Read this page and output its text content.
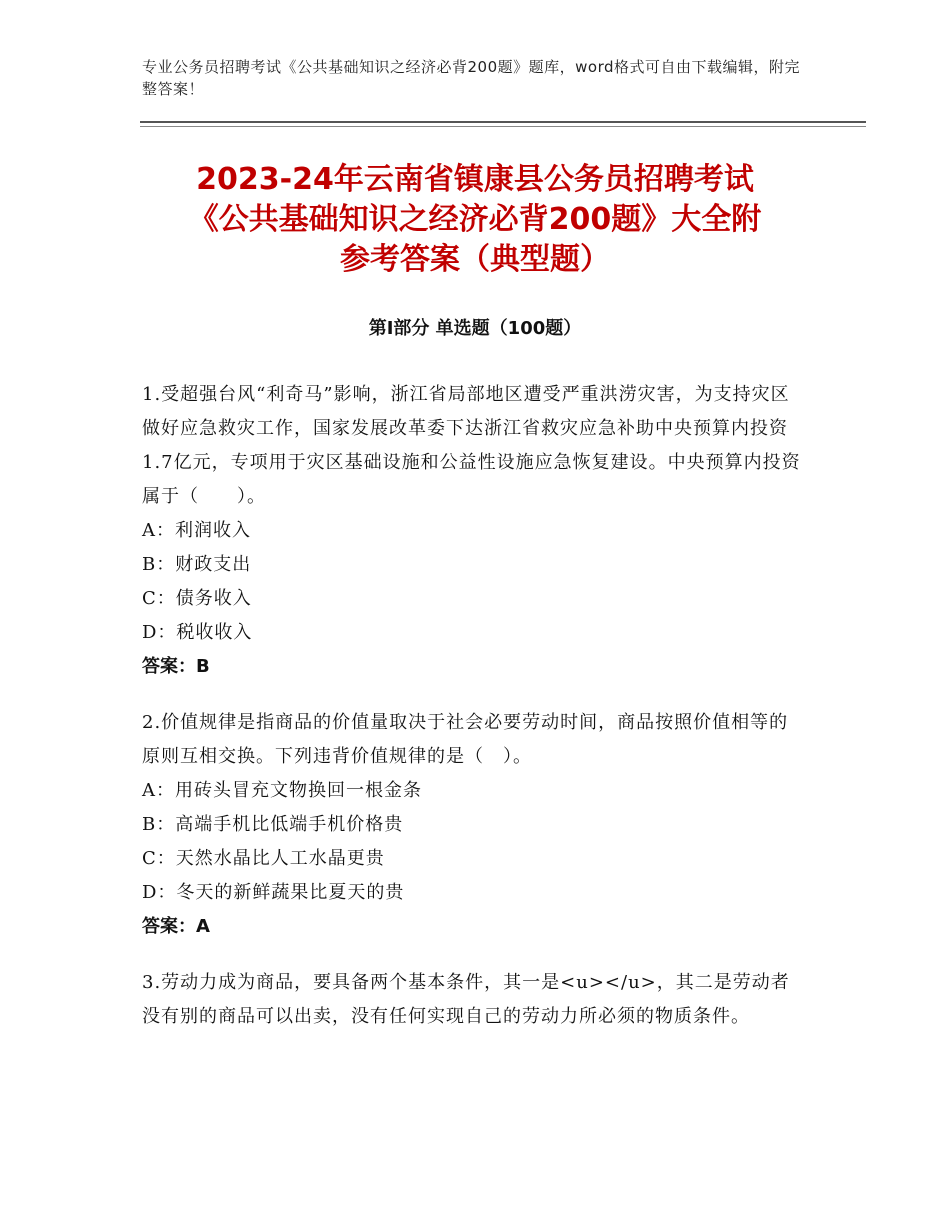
专业公务员招聘考试《公共基础知识之经济必背200题》题库，word格式可自由下载编辑，附完整答案！
2023-24年云南省镇康县公务员招聘考试
《公共基础知识之经济必背200题》大全附
参考答案（典型题）
第Ⅰ部分 单选题（100题）
1.受超强台风“利奇马”影响，浙江省局部地区遭受严重洪涝灾害，为支持灾区做好应急救灾工作，国家发展改革委下达浙江省救灾应急补助中央预算内投资1.7亿元，专项用于灾区基础设施和公益性设施应急恢复建设。中央预算内投资属于（　　）。
A：利润收入
B：财政支出
C：债务收入
D：税收收入
答案：B
2.价值规律是指商品的价值量取决于社会必要劳动时间，商品按照价值相等的原则互相交换。下列违背价值规律的是（　）。
A：用砖头冒充文物换回一根金条
B：高端手机比低端手机价格贵
C：天然水晶比人工水晶更贵
D：冬天的新鲜蔬果比夏天的贵
答案：A
3.劳动力成为商品，要具备两个基本条件，其一是<u></u>，其二是劳动者没有别的商品可以出卖，没有任何实现自己的劳动力所必须的物质条件。
